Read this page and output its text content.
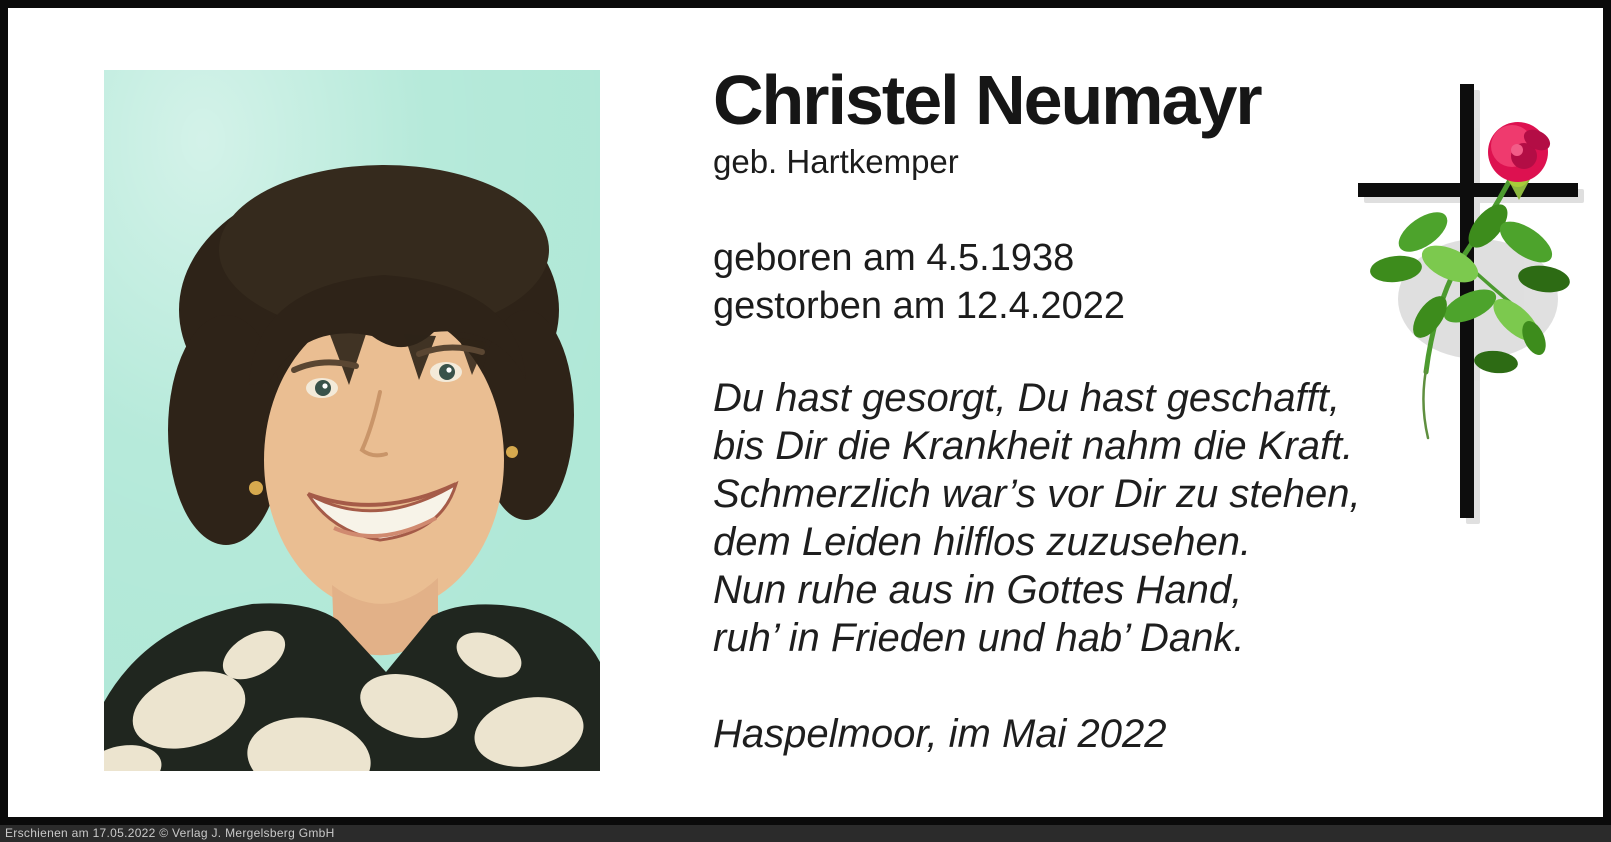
Christel Neumayr
geb. Hartkemper
geboren am 4.5.1938
gestorben am 12.4.2022
Du hast gesorgt, Du hast geschafft,
bis Dir die Krankheit nahm die Kraft.
Schmerzlich war’s vor Dir zu stehen,
dem Leiden hilflos zuzusehen.
Nun ruhe aus in Gottes Hand,
ruh’ in Frieden und hab’ Dank.
Haspelmoor, im Mai 2022
Erschienen am 17.05.2022 © Verlag J. Mergelsberg GmbH
